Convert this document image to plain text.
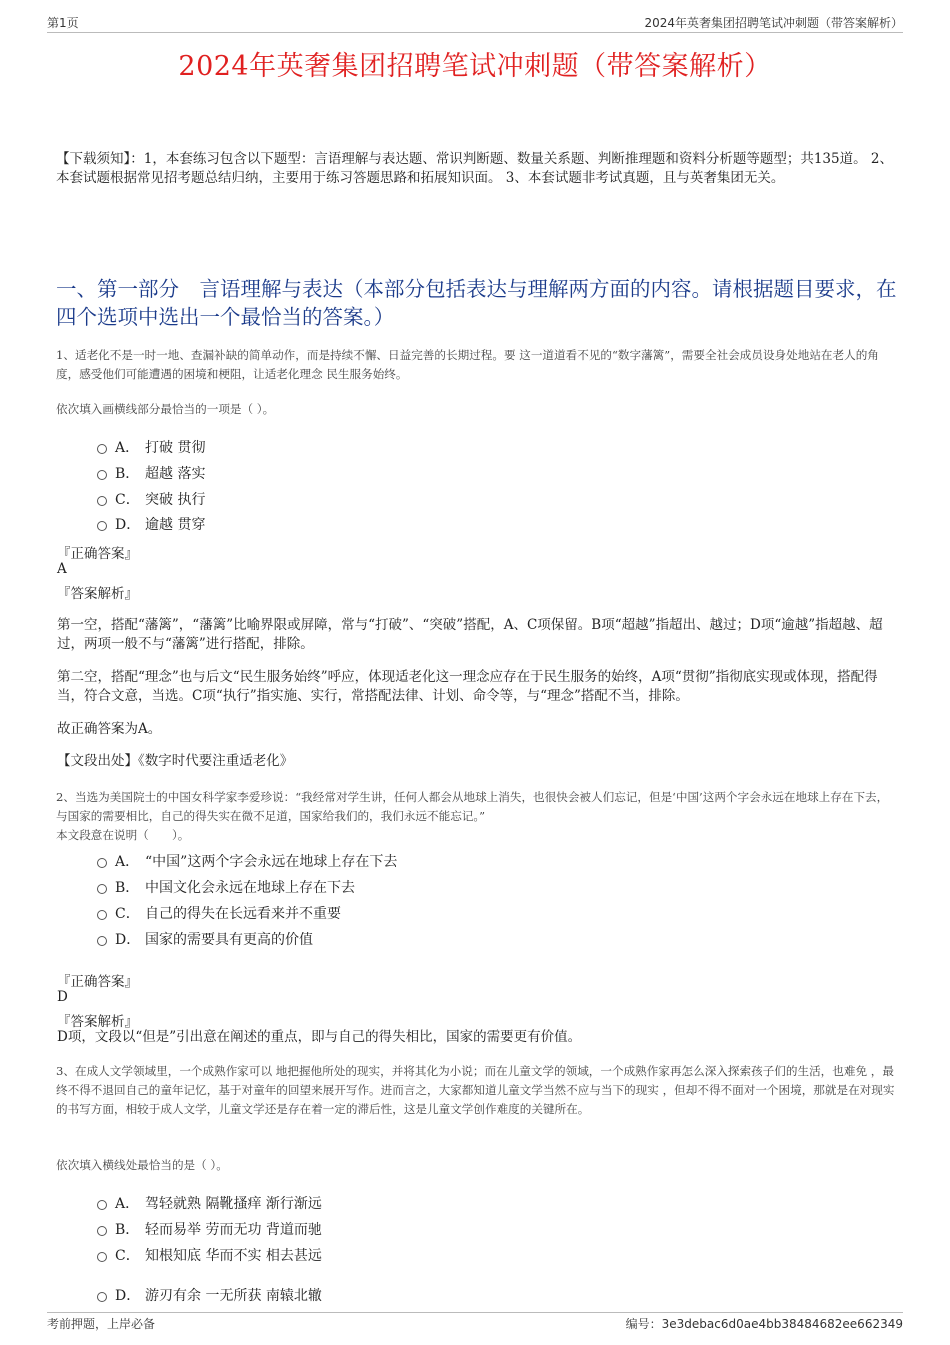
第1页	2024年英奢集团招聘笔试冲刺题（带答案解析）
2024年英奢集团招聘笔试冲刺题（带答案解析）
【下载须知】：1，本套练习包含以下题型：言语理解与表达题、常识判断题、数量关系题、判断推理题和资料分析题等题型；共135道。 2、本套试题根据常见招考题总结归纳，主要用于练习答题思路和拓展知识面。 3、本套试题非考试真题，且与英奢集团无关。
一、第一部分　言语理解与表达（本部分包括表达与理解两方面的内容。请根据题目要求，在四个选项中选出一个最恰当的答案。）
1、适老化不是一时一地、查漏补缺的简单动作，而是持续不懈、日益完善的长期过程。要 这一道道看不见的“数字藩篱”，需要全社会成员设身处地站在老人的角度，感受他们可能遭遇的困境和梗阻，让适老化理念 民生服务始终。
依次填入画横线部分最恰当的一项是（ ）。
A． 打破 贯彻
B． 超越 落实
C． 突破 执行
D． 逾越 贯穿
『正确答案』
A
『答案解析』
第一空，搭配“藩篱”，“藩篱”比喻界限或屏障，常与“打破”、“突破”搭配，A、C项保留。B项“超越”指超出、越过；D项“逾越”指超越、超过，两项一般不与“藩篱”进行搭配，排除。
第二空，搭配“理念”也与后文“民生服务始终”呼应，体现适老化这一理念应存在于民生服务的始终，A项“贯彻”指彻底实现或体现，搭配得当，符合文意，当选。C项“执行”指实施、实行，常搭配法律、计划、命令等，与“理念”搭配不当，排除。
故正确答案为A。
【文段出处】《数字时代要注重适老化》
2、当选为美国院士的中国女科学家李爱珍说：“我经常对学生讲，任何人都会从地球上消失，也很快会被人们忘记，但是‘中国’这两个字会永远在地球上存在下去，与国家的需要相比，自己的得失实在微不足道，国家给我们的，我们永远不能忘记。”
本文段意在说明（　　）。
A． “中国”这两个字会永远在地球上存在下去
B． 中国文化会永远在地球上存在下去
C． 自己的得失在长远看来并不重要
D． 国家的需要具有更高的价值
『正确答案』
D
『答案解析』
D项，文段以“但是”引出意在阐述的重点，即与自己的得失相比，国家的需要更有价值。
3、在成人文学领域里，一个成熟作家可以 地把握他所处的现实，并将其化为小说；而在儿童文学的领域，一个成熟作家再怎么深入探索孩子们的生活，也难免 ，最终不得不退回自己的童年记忆，基于对童年的回望来展开写作。进而言之，大家都知道儿童文学当然不应与当下的现实 ，但却不得不面对一个困境，那就是在对现实的书写方面，相较于成人文学，儿童文学还是存在着一定的滞后性，这是儿童文学创作难度的关键所在。
依次填入横线处最恰当的是（ ）。
A． 驾轻就熟 隔靴搔痒 渐行渐远
B． 轻而易举 劳而无功 背道而驰
C． 知根知底 华而不实 相去甚远
D． 游刃有余 一无所获 南辕北辙
考前押题，上岸必备	编号：3e3debac6d0ae4bb38484682ee662349
